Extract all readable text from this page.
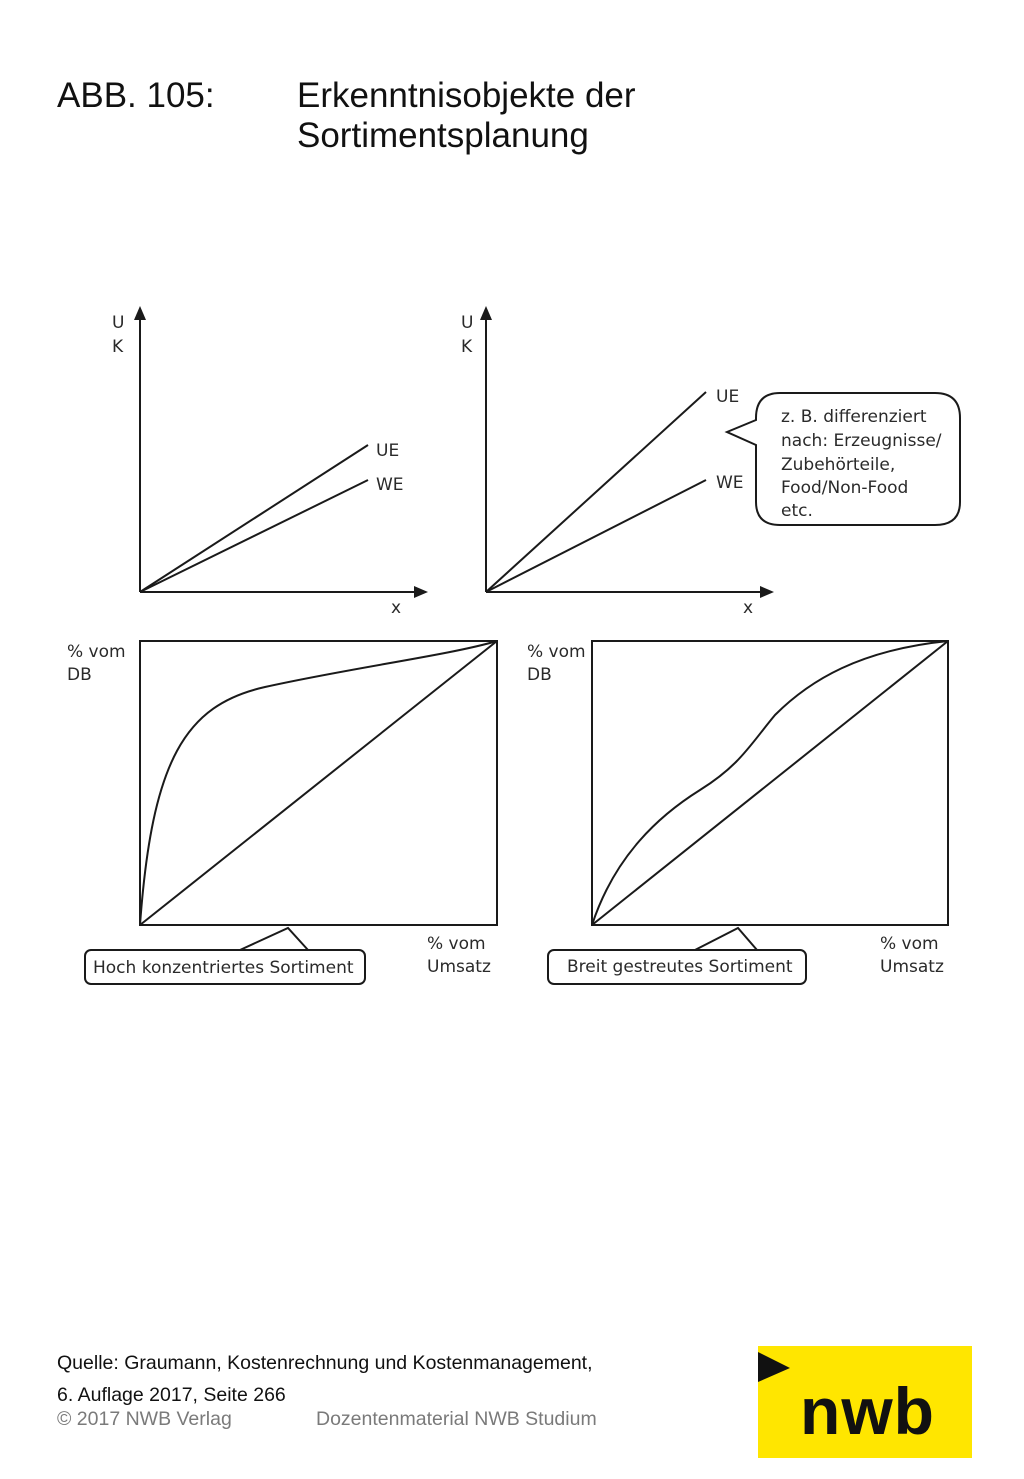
ABB. 105: Erkenntnisobjekte der
Sortimentsplanung
U
K
x
UE
WE
U
K
x
UE
WE
z. B. differenziert
nach: Erzeugnisse/
Zubehörteile,
Food/Non-Food
etc.
% vom
DB
% vom
Umsatz
Hoch konzentriertes Sortiment
% vom
DB
% vom
Umsatz
Breit gestreutes Sortiment
Quelle: Graumann, Kostenrechnung und Kostenmanagement,
6. Auflage 2017, Seite 266
© 2017 NWB Verlag	Dozentenmaterial NWB Studium	nwb
